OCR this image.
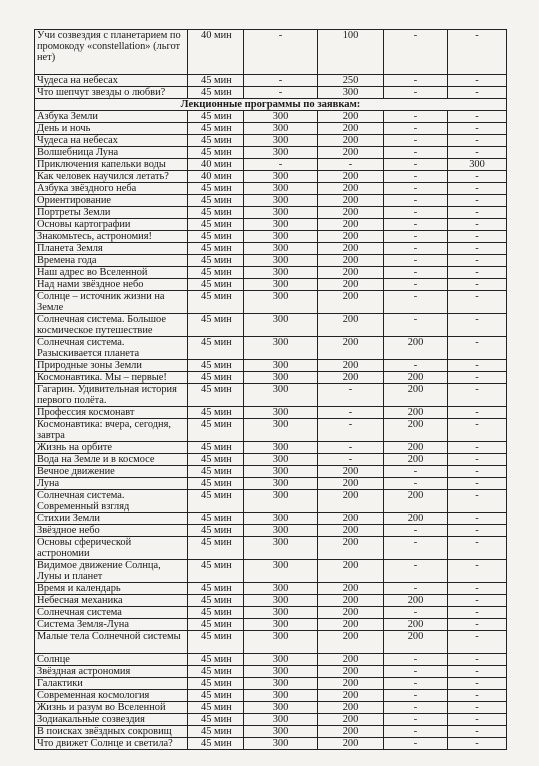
Учи созвездия с планетарием по промокоду «constellation» (льгот нет)	40 мин	-	100	-	-
Чудеса на небесах	45 мин	-	250	-	-
Что шепчут звезды о любви?	45 мин	-	300	-	-
Лекционные программы по заявкам:					
Азбука Земли	45 мин	300	200	-	-
День и ночь	45 мин	300	200	-	-
Чудеса на небесах	45 мин	300	200	-	-
Волшебница Луна	45 мин	300	200	-	-
Приключения капельки воды	40 мин	-	-	-	300
Как человек научился летать?	40 мин	300	200	-	-
Азбука звёздного неба	45 мин	300	200	-	-
Ориентирование	45 мин	300	200	-	-
Портреты Земли	45 мин	300	200	-	-
Основы картографии	45 мин	300	200	-	-
Знакомьтесь, астрономия!	45 мин	300	200	-	-
Планета Земля	45 мин	300	200	-	-
Времена года	45 мин	300	200	-	-
Наш адрес во Вселенной	45 мин	300	200	-	-
Над нами звёздное небо	45 мин	300	200	-	-
Солнце – источник жизни на Земле	45 мин	300	200	-	-
Солнечная система. Большое космическое путешествие	45 мин	300	200	-	-
Солнечная система. Разыскивается планета	45 мин	300	200	200	-
Природные зоны Земли	45 мин	300	200	-	-
Космонавтика. Мы – первые!	45 мин	300	200	200	-
Гагарин. Удивительная история первого полёта.	45 мин	300	-	200	-
Профессия космонавт	45 мин	300	-	200	-
Космонавтика: вчера, сегодня, завтра	45 мин	300	-	200	-
Жизнь на орбите	45 мин	300	-	200	-
Вода на Земле и в космосе	45 мин	300	-	200	-
Вечное движение	45 мин	300	200	-	-
Луна	45 мин	300	200	-	-
Солнечная система. Современный взгляд	45 мин	300	200	200	-
Стихии Земли	45 мин	300	200	200	-
Звёздное небо	45 мин	300	200	-	-
Основы сферической астрономии	45 мин	300	200	-	-
Видимое движение Солнца, Луны и планет	45 мин	300	200	-	-
Время и календарь	45 мин	300	200	-	-
Небесная механика	45 мин	300	200	200	-
Солнечная система	45 мин	300	200	-	-
Система Земля-Луна	45 мин	300	200	200	-
Малые тела Солнечной системы	45 мин	300	200	200	-
Солнце	45 мин	300	200	-	-
Звёздная астрономия	45 мин	300	200	-	-
Галактики	45 мин	300	200	-	-
Современная космология	45 мин	300	200	-	-
Жизнь и разум во Вселенной	45 мин	300	200	-	-
Зодиакальные созвездия	45 мин	300	200	-	-
В поисках звёздных сокровищ	45 мин	300	200	-	-
Что движет Солнце и светила?	45 мин	300	200	-	-
